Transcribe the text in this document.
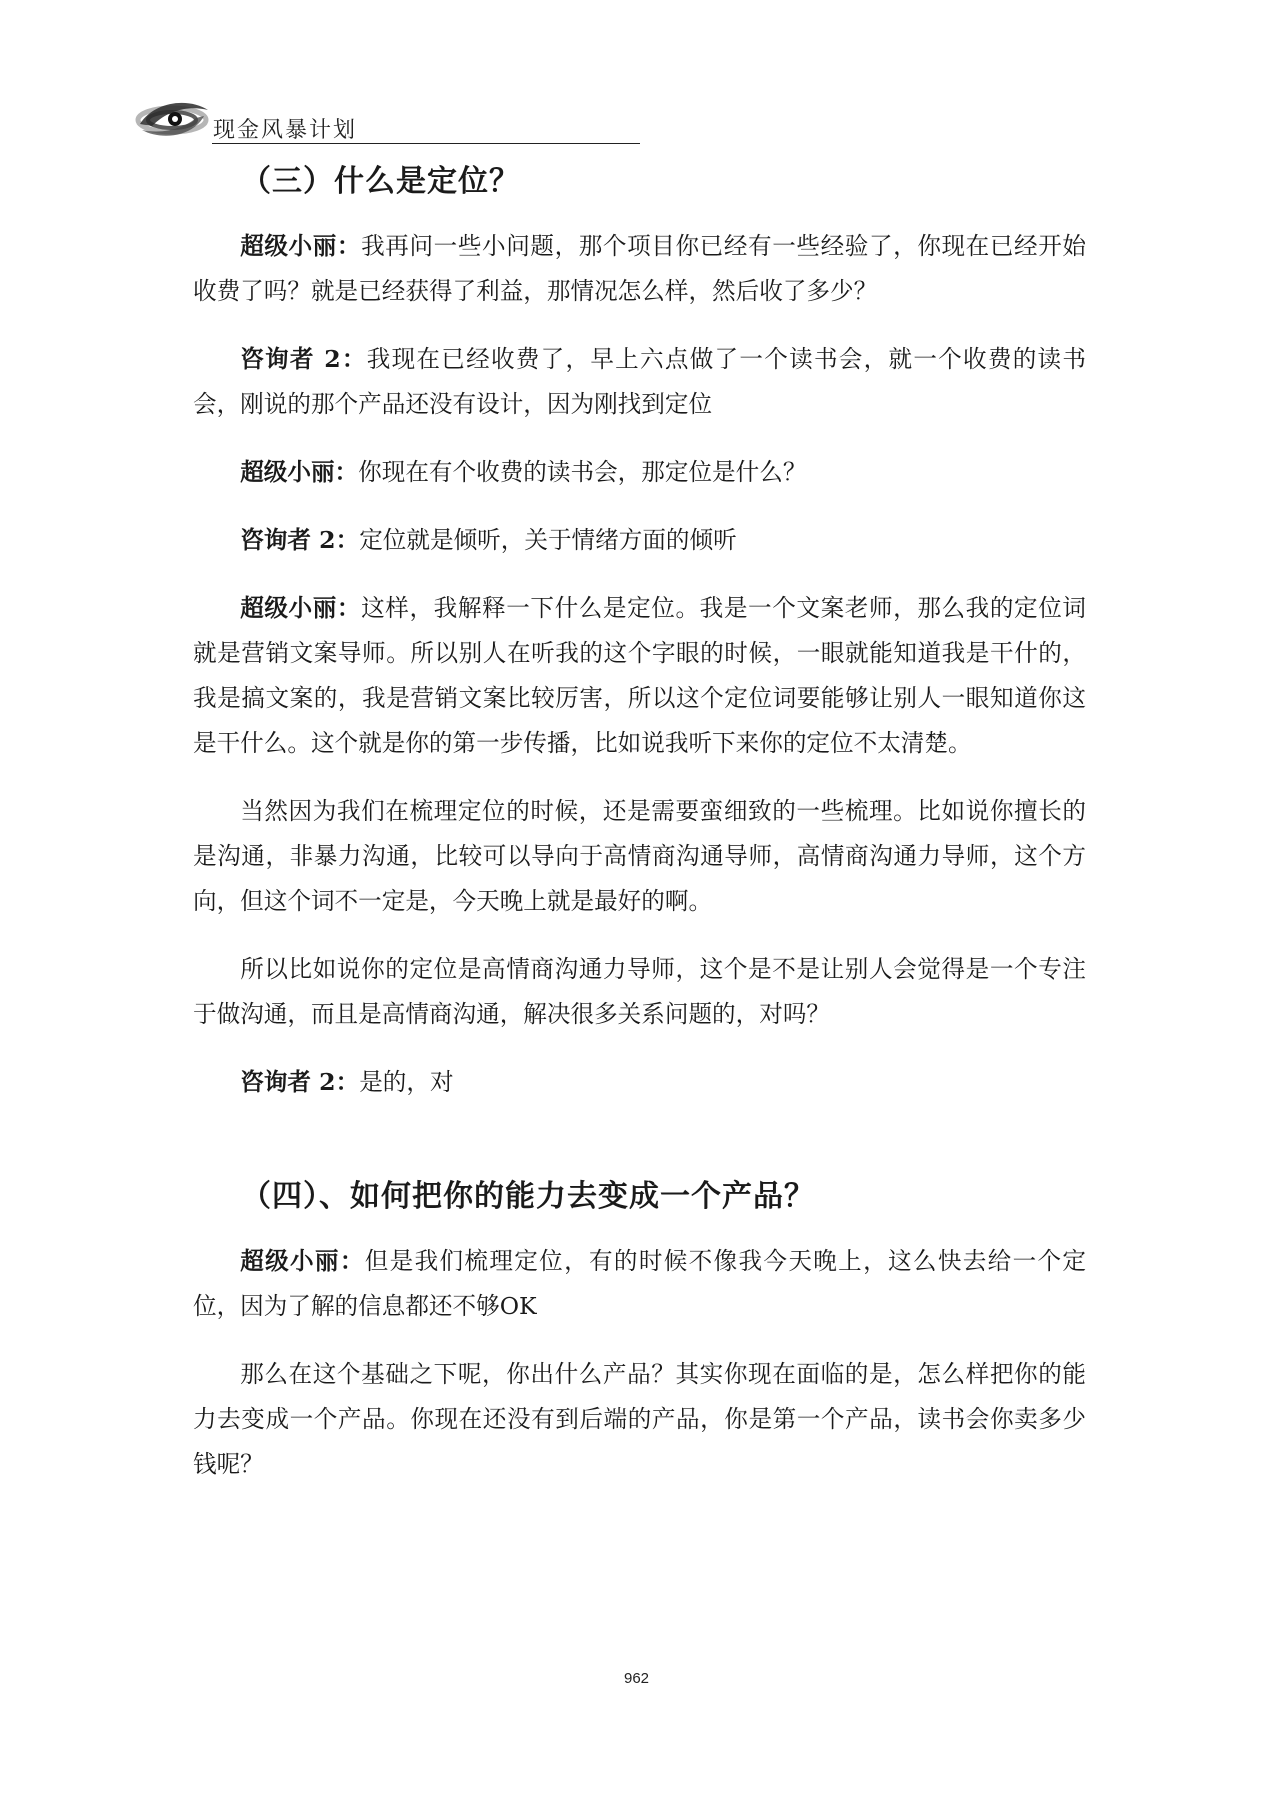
现金风暴计划
（三）什么是定位？

超级小丽：我再问一些小问题，那个项目你已经有一些经验了，你现在已经开始收费了吗？就是已经获得了利益，那情况怎么样，然后收了多少？

咨询者 2：我现在已经收费了，早上六点做了一个读书会，就一个收费的读书会，刚说的那个产品还没有设计，因为刚找到定位

超级小丽：你现在有个收费的读书会，那定位是什么？

咨询者 2：定位就是倾听，关于情绪方面的倾听

超级小丽：这样，我解释一下什么是定位。我是一个文案老师，那么我的定位词就是营销文案导师。所以别人在听我的这个字眼的时候，一眼就能知道我是干什的，我是搞文案的，我是营销文案比较厉害，所以这个定位词要能够让别人一眼知道你这是干什么。这个就是你的第一步传播，比如说我听下来你的定位不太清楚。

当然因为我们在梳理定位的时候，还是需要蛮细致的一些梳理。比如说你擅长的是沟通，非暴力沟通，比较可以导向于高情商沟通导师，高情商沟通力导师，这个方向，但这个词不一定是，今天晚上就是最好的啊。

所以比如说你的定位是高情商沟通力导师，这个是不是让别人会觉得是一个专注于做沟通，而且是高情商沟通，解决很多关系问题的，对吗？

咨询者 2：是的，对

（四）、如何把你的能力去变成一个产品？

超级小丽：但是我们梳理定位，有的时候不像我今天晚上，这么快去给一个定位，因为了解的信息都还不够OK

那么在这个基础之下呢，你出什么产品？其实你现在面临的是，怎么样把你的能力去变成一个产品。你现在还没有到后端的产品，你是第一个产品，读书会你卖多少钱呢？

962
